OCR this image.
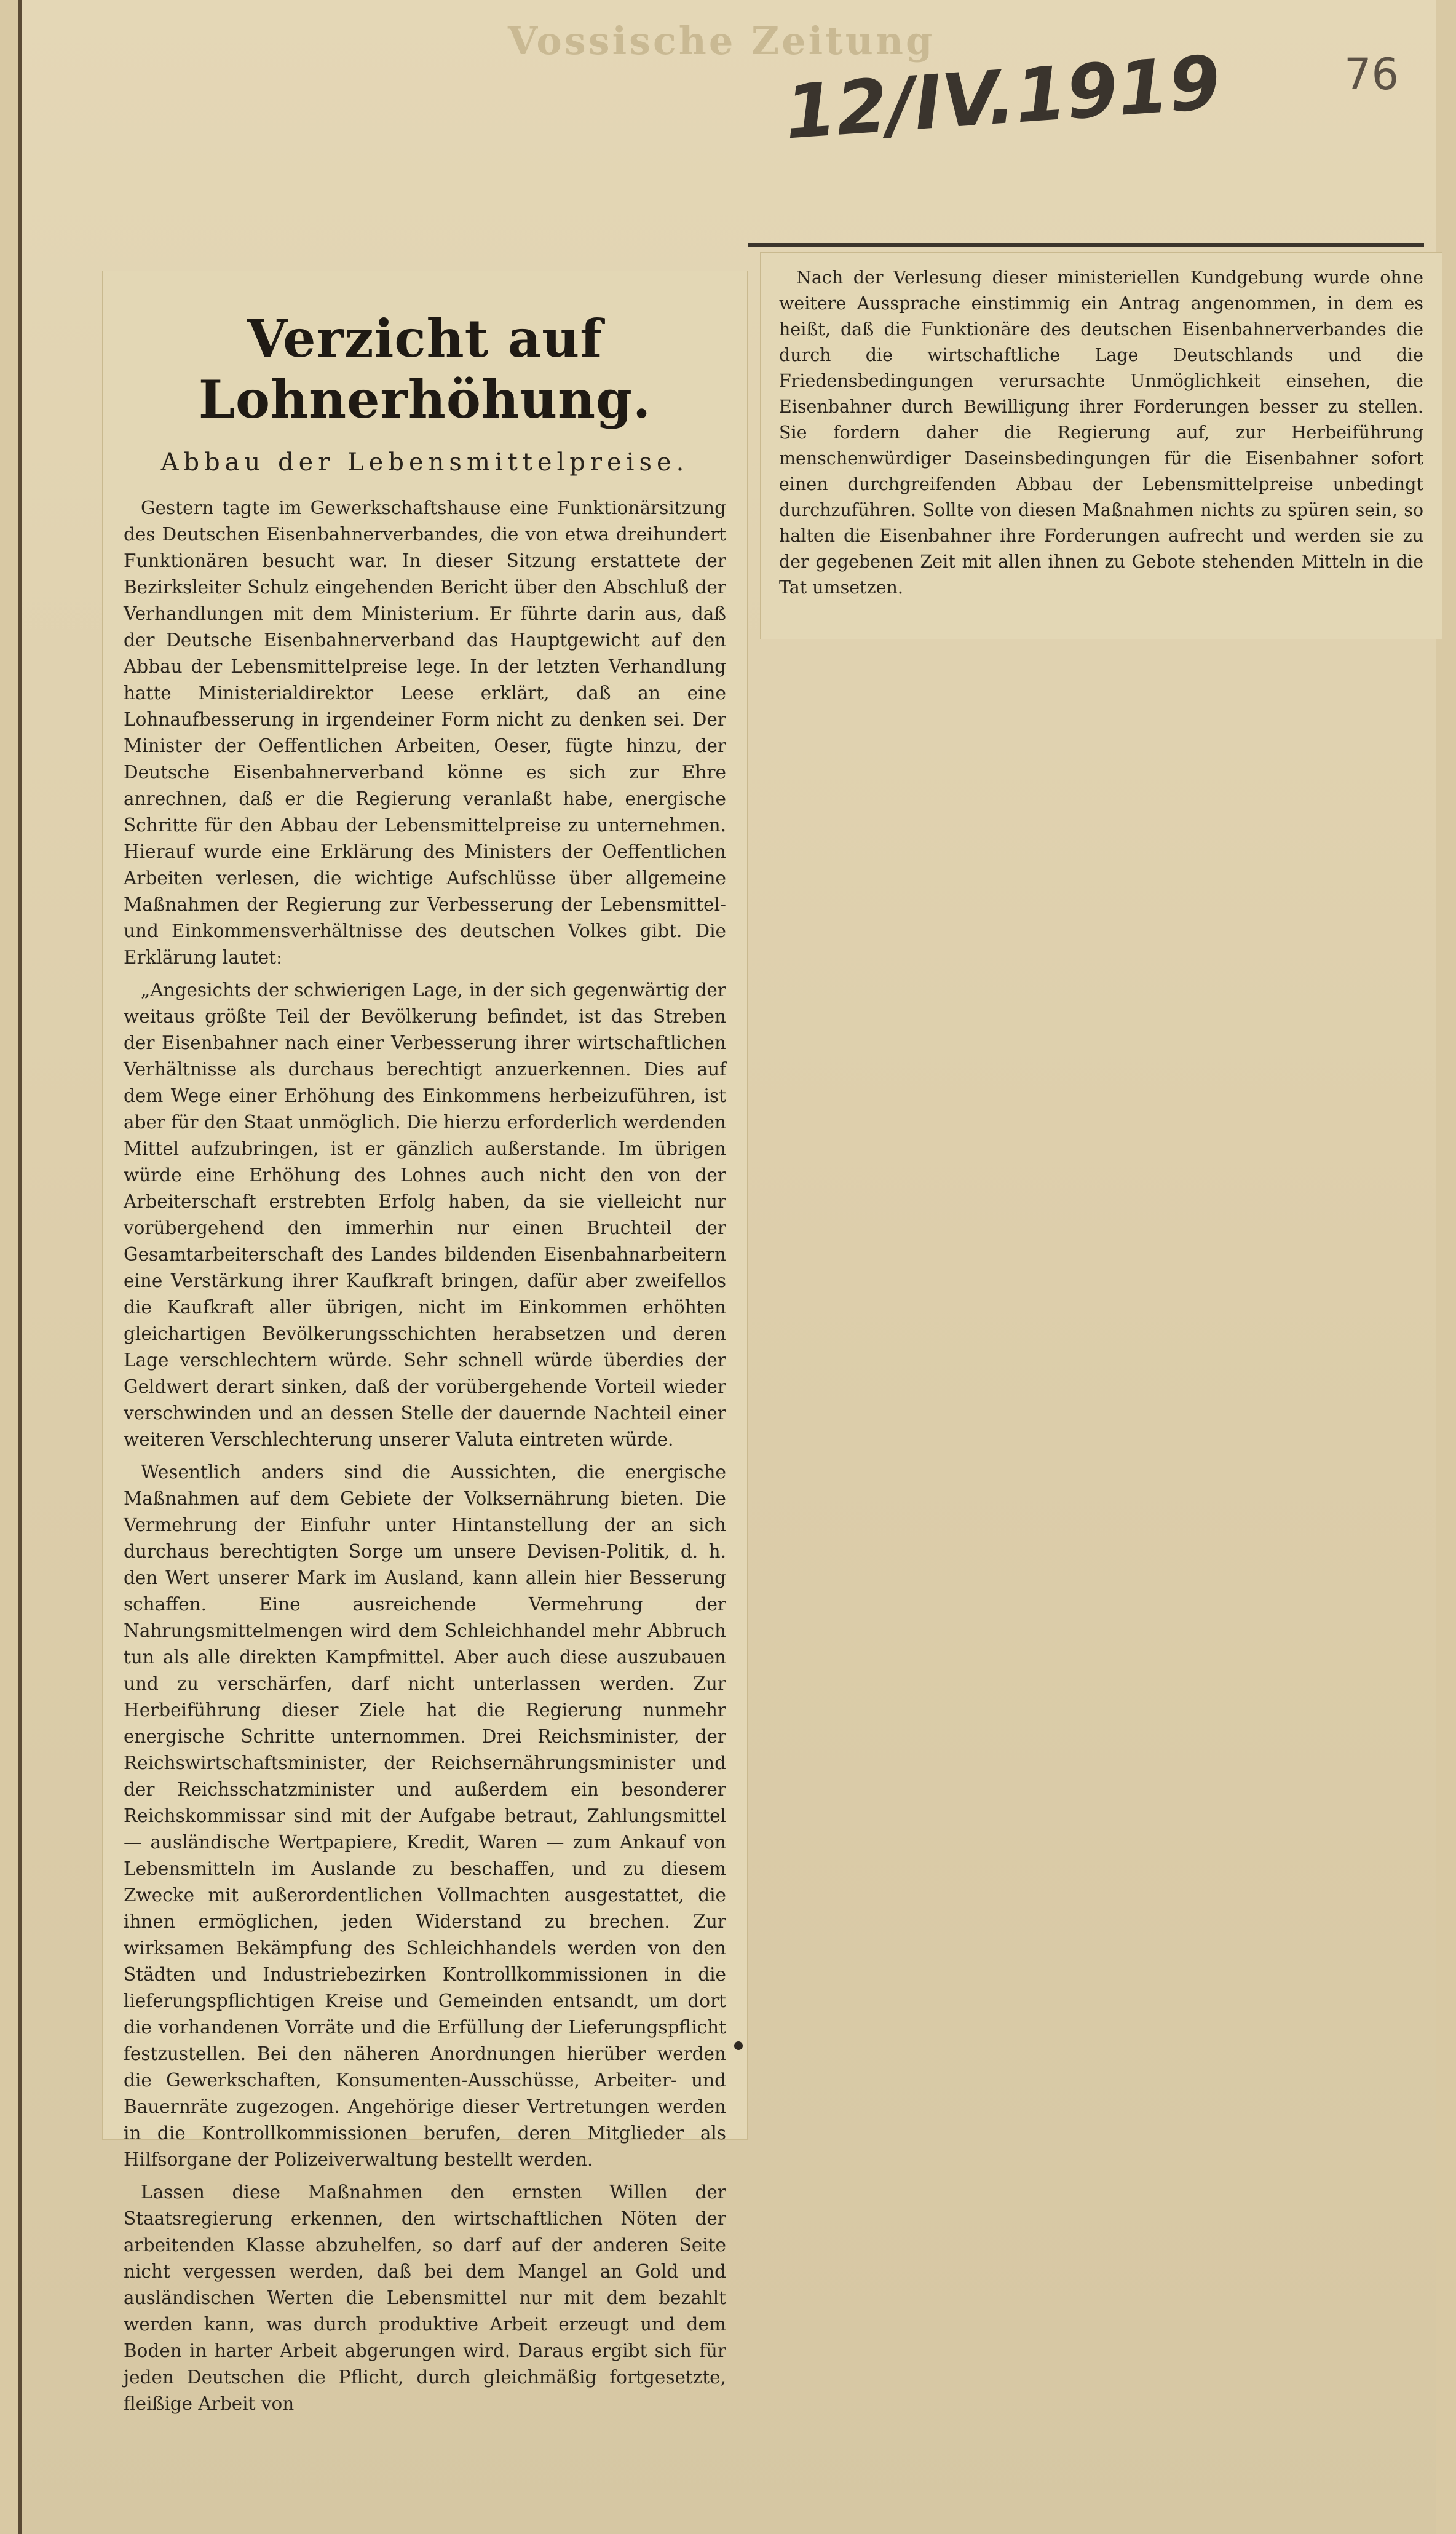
Vossische Zeitung
12/IV.1919	76
Verzicht auf Lohnerhöhung.
Abbau der Lebensmittelpreise.

Gestern tagte im Gewerkschaftshause eine Funktionärsitzung des Deutschen Eisenbahnerverbandes, die von etwa dreihundert Funktionären besucht war. In dieser Sitzung erstattete der Bezirksleiter Schulz eingehenden Bericht über den Abschluß der Verhandlungen mit dem Ministerium. Er führte darin aus, daß der Deutsche Eisenbahnerverband das Hauptgewicht auf den Abbau der Lebensmittelpreise lege. In der letzten Verhandlung hatte Ministerialdirektor Leese erklärt, daß an eine Lohnaufbesserung in irgendeiner Form nicht zu denken sei. Der Minister der Oeffentlichen Arbeiten, Oeser, fügte hinzu, der Deutsche Eisenbahnerverband könne es sich zur Ehre anrechnen, daß er die Regierung veranlaßt habe, energische Schritte für den Abbau der Lebensmittelpreise zu unternehmen. Hierauf wurde eine Erklärung des Ministers der Oeffentlichen Arbeiten verlesen, die wichtige Aufschlüsse über allgemeine Maßnahmen der Regierung zur Verbesserung der Lebensmittel- und Einkommensverhältnisse des deutschen Volkes gibt. Die Erklärung lautet:

„Angesichts der schwierigen Lage, in der sich gegenwärtig der weitaus größte Teil der Bevölkerung befindet, ist das Streben der Eisenbahner nach einer Verbesserung ihrer wirtschaftlichen Verhältnisse als durchaus berechtigt anzuerkennen. Dies auf dem Wege einer Erhöhung des Einkommens herbeizuführen, ist aber für den Staat unmöglich. Die hierzu erforderlich werdenden Mittel aufzubringen, ist er gänzlich außerstande. Im übrigen würde eine Erhöhung des Lohnes auch nicht den von der Arbeiterschaft erstrebten Erfolg haben, da sie vielleicht nur vorübergehend den immerhin nur einen Bruchteil der Gesamtarbeiterschaft des Landes bildenden Eisenbahnarbeitern eine Verstärkung ihrer Kaufkraft bringen, dafür aber zweifellos die Kaufkraft aller übrigen, nicht im Einkommen erhöhten gleichartigen Bevölkerungsschichten herabsetzen und deren Lage verschlechtern würde. Sehr schnell würde überdies der Geldwert derart sinken, daß der vorübergehende Vorteil wieder verschwinden und an dessen Stelle der dauernde Nachteil einer weiteren Verschlechterung unserer Valuta eintreten würde.

Wesentlich anders sind die Aussichten, die energische Maßnahmen auf dem Gebiete der Volksernährung bieten. Die Vermehrung der Einfuhr unter Hintanstellung der an sich durchaus berechtigten Sorge um unsere Devisen-Politik, d. h. den Wert unserer Mark im Ausland, kann allein hier Besserung schaffen. Eine ausreichende Vermehrung der Nahrungsmittelmengen wird dem Schleichhandel mehr Abbruch tun als alle direkten Kampfmittel. Aber auch diese auszubauen und zu verschärfen, darf nicht unterlassen werden. Zur Herbeiführung dieser Ziele hat die Regierung nunmehr energische Schritte unternommen. Drei Reichsminister, der Reichswirtschaftsminister, der Reichsernährungsminister und der Reichsschatzminister und außerdem ein besonderer Reichskommissar sind mit der Aufgabe betraut, Zahlungsmittel — ausländische Wertpapiere, Kredit, Waren — zum Ankauf von Lebensmitteln im Auslande zu beschaffen, und zu diesem Zwecke mit außerordentlichen Vollmachten ausgestattet, die ihnen ermöglichen, jeden Widerstand zu brechen. Zur wirksamen Bekämpfung des Schleichhandels werden von den Städten und Industriebezirken Kontrollkommissionen in die lieferungspflichtigen Kreise und Gemeinden entsandt, um dort die vorhandenen Vorräte und die Erfüllung der Lieferungspflicht festzustellen. Bei den näheren Anordnungen hierüber werden die Gewerkschaften, Konsumenten-Ausschüsse, Arbeiter- und Bauernräte zugezogen. Angehörige dieser Vertretungen werden in die Kontrollkommissionen berufen, deren Mitglieder als Hilfsorgane der Polizeiverwaltung bestellt werden.

Lassen diese Maßnahmen den ernsten Willen der Staatsregierung erkennen, den wirtschaftlichen Nöten der arbeitenden Klasse abzuhelfen, so darf auf der anderen Seite nicht vergessen werden, daß bei dem Mangel an Gold und ausländischen Werten die Lebensmittel nur mit dem bezahlt werden kann, was durch produktive Arbeit erzeugt und dem Boden in harter Arbeit abgerungen wird. Daraus ergibt sich für jeden Deutschen die Pflicht, durch gleichmäßig fortgesetzte, fleißige Arbeit von

Nach der Verlesung dieser ministeriellen Kundgebung wurde ohne weitere Aussprache einstimmig ein Antrag angenommen, in dem es heißt, daß die Funktionäre des deutschen Eisenbahnerverbandes die durch die wirtschaftliche Lage Deutschlands und die Friedensbedingungen verursachte Unmöglichkeit einsehen, die Eisenbahner durch Bewilligung ihrer Forderungen besser zu stellen. Sie fordern daher die Regierung auf, zur Herbeiführung menschenwürdiger Daseinsbedingungen für die Eisenbahner sofort einen durchgreifenden Abbau der Lebensmittelpreise unbedingt durchzuführen. Sollte von diesen Maßnahmen nichts zu spüren sein, so halten die Eisenbahner ihre Forderungen aufrecht und werden sie zu der gegebenen Zeit mit allen ihnen zu Gebote stehenden Mitteln in die Tat umsetzen.
